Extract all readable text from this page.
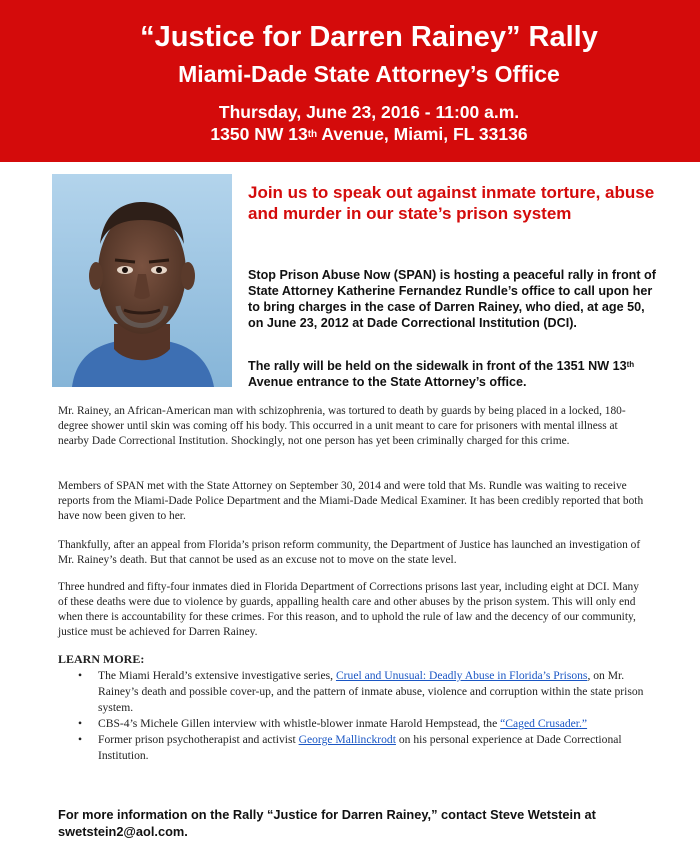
“Justice for Darren Rainey” Rally
Miami-Dade State Attorney’s Office
Thursday, June 23, 2016 - 11:00 a.m.
1350 NW 13th Avenue, Miami, FL 33136
Join us to speak out against inmate torture, abuse and murder in our state’s prison system
Stop Prison Abuse Now (SPAN) is hosting a peaceful rally in front of State Attorney Katherine Fernandez Rundle’s office to call upon her to bring charges in the case of Darren Rainey, who died, at age 50, on June 23, 2012 at Dade Correctional Institution (DCI).
The rally will be held on the sidewalk in front of the 1351 NW 13th Avenue entrance to the State Attorney’s office.
Mr. Rainey, an African-American man with schizophrenia, was tortured to death by guards by being placed in a locked, 180-degree shower until skin was coming off his body. This occurred in a unit meant to care for prisoners with mental illness at nearby Dade Correctional Institution. Shockingly, not one person has yet been criminally charged for this crime.
Members of SPAN met with the State Attorney on September 30, 2014 and were told that Ms. Rundle was waiting to receive reports from the Miami-Dade Police Department and the Miami-Dade Medical Examiner. It has been credibly reported that both have now been given to her.
Thankfully, after an appeal from Florida’s prison reform community, the Department of Justice has launched an investigation of Mr. Rainey’s death. But that cannot be used as an excuse not to move on the state level.
Three hundred and fifty-four inmates died in Florida Department of Corrections prisons last year, including eight at DCI. Many of these deaths were due to violence by guards, appalling health care and other abuses by the prison system. This will only end when there is accountability for these crimes. For this reason, and to uphold the rule of law and the decency of our community, justice must be achieved for Darren Rainey.
LEARN MORE:
• The Miami Herald’s extensive investigative series, Cruel and Unusual: Deadly Abuse in Florida’s Prisons, on Mr. Rainey’s death and possible cover-up, and the pattern of inmate abuse, violence and corruption within the state prison system.
• CBS-4’s Michele Gillen interview with whistle-blower inmate Harold Hempstead, the “Caged Crusader.”
• Former prison psychotherapist and activist George Mallinckrodt on his personal experience at Dade Correctional Institution.
For more information on the Rally “Justice for Darren Rainey,” contact Steve Wetstein at swetstein2@aol.com.
